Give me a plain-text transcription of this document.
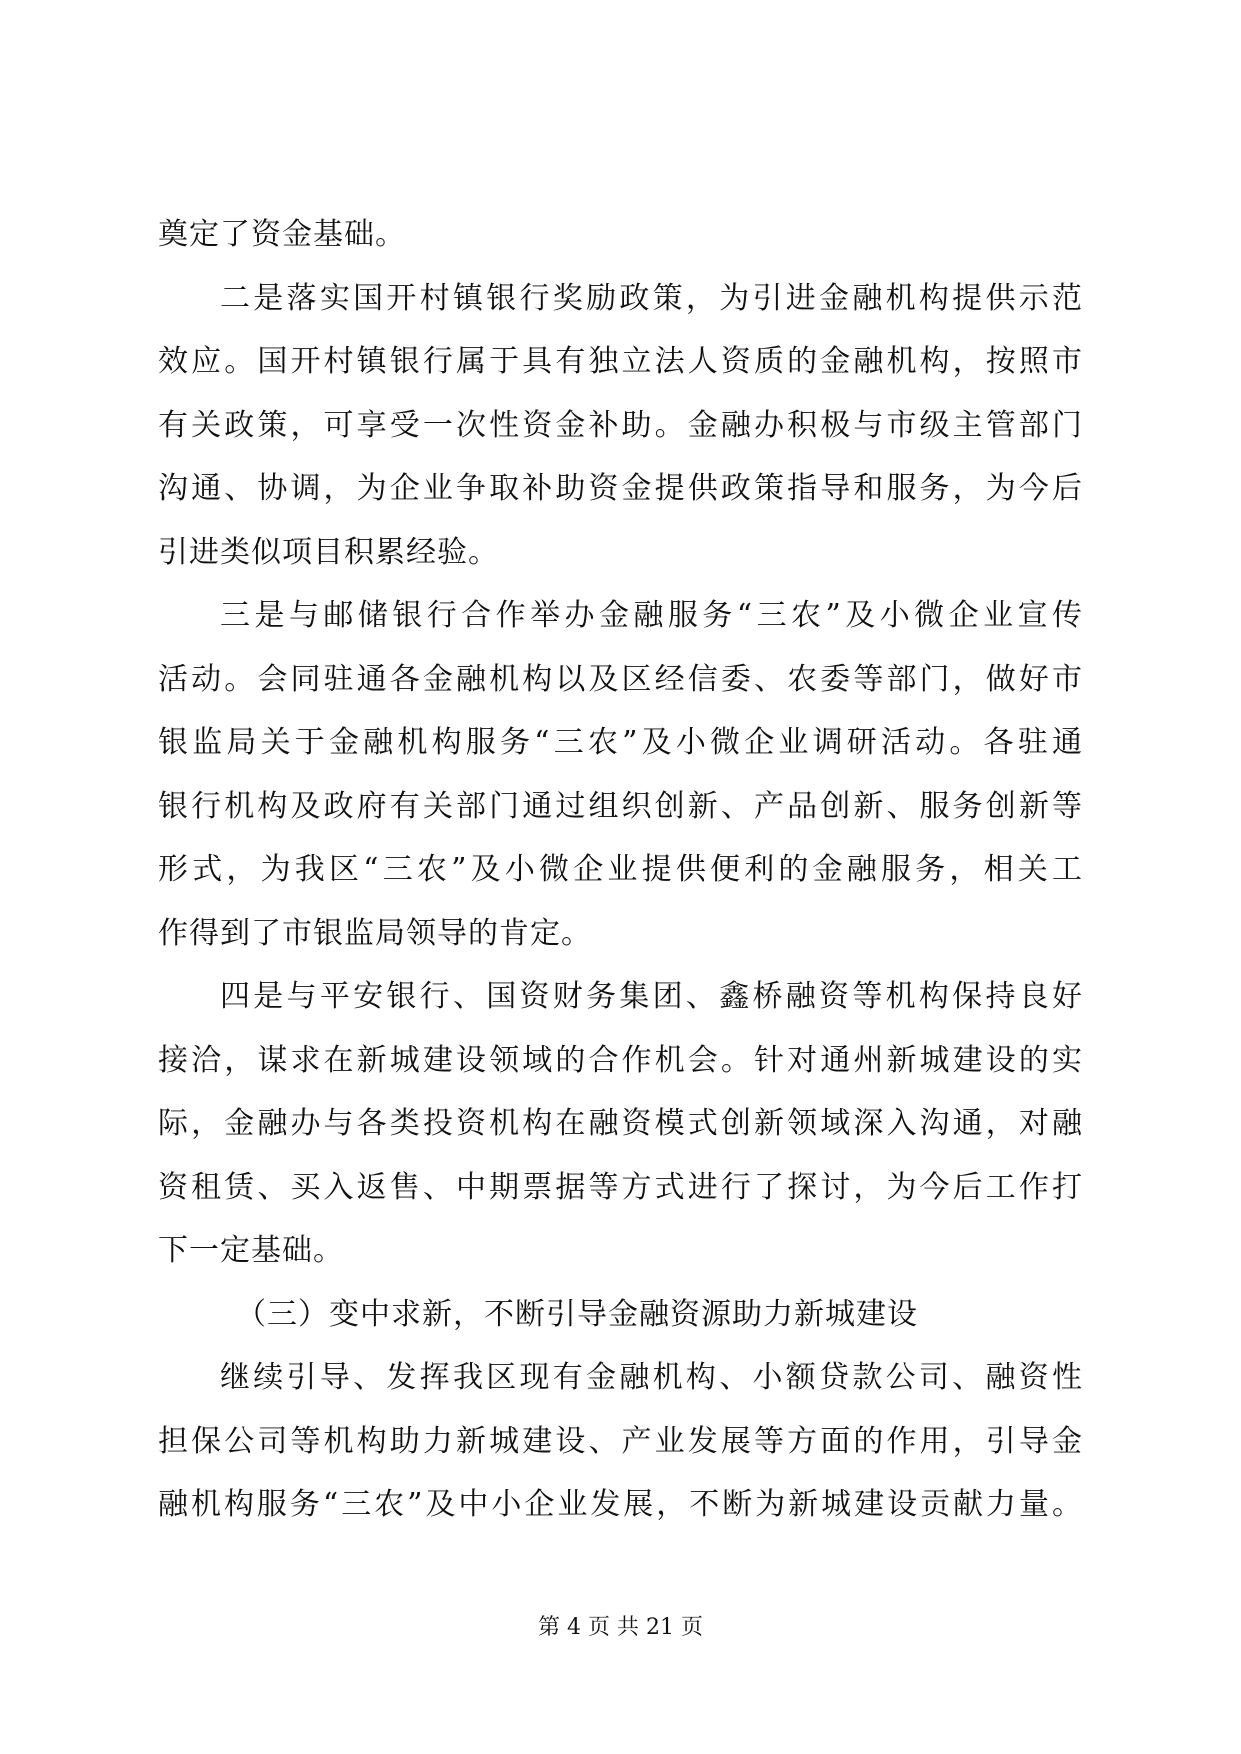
奠定了资金基础。
二是落实国开村镇银行奖励政策，为引进金融机构提供示范
效应。国开村镇银行属于具有独立法人资质的金融机构，按照市
有关政策，可享受一次性资金补助。金融办积极与市级主管部门
沟通、协调，为企业争取补助资金提供政策指导和服务，为今后
引进类似项目积累经验。
三是与邮储银行合作举办金融服务“三农”及小微企业宣传
活动。会同驻通各金融机构以及区经信委、农委等部门，做好市
银监局关于金融机构服务“三农”及小微企业调研活动。各驻通
银行机构及政府有关部门通过组织创新、产品创新、服务创新等
形式，为我区“三农”及小微企业提供便利的金融服务，相关工
作得到了市银监局领导的肯定。
四是与平安银行、国资财务集团、鑫桥融资等机构保持良好
接洽，谋求在新城建设领域的合作机会。针对通州新城建设的实
际，金融办与各类投资机构在融资模式创新领域深入沟通，对融
资租赁、买入返售、中期票据等方式进行了探讨，为今后工作打
下一定基础。
（三）变中求新，不断引导金融资源助力新城建设
继续引导、发挥我区现有金融机构、小额贷款公司、融资性
担保公司等机构助力新城建设、产业发展等方面的作用，引导金
融机构服务“三农”及中小企业发展，不断为新城建设贡献力量。
第 4 页 共 21 页
